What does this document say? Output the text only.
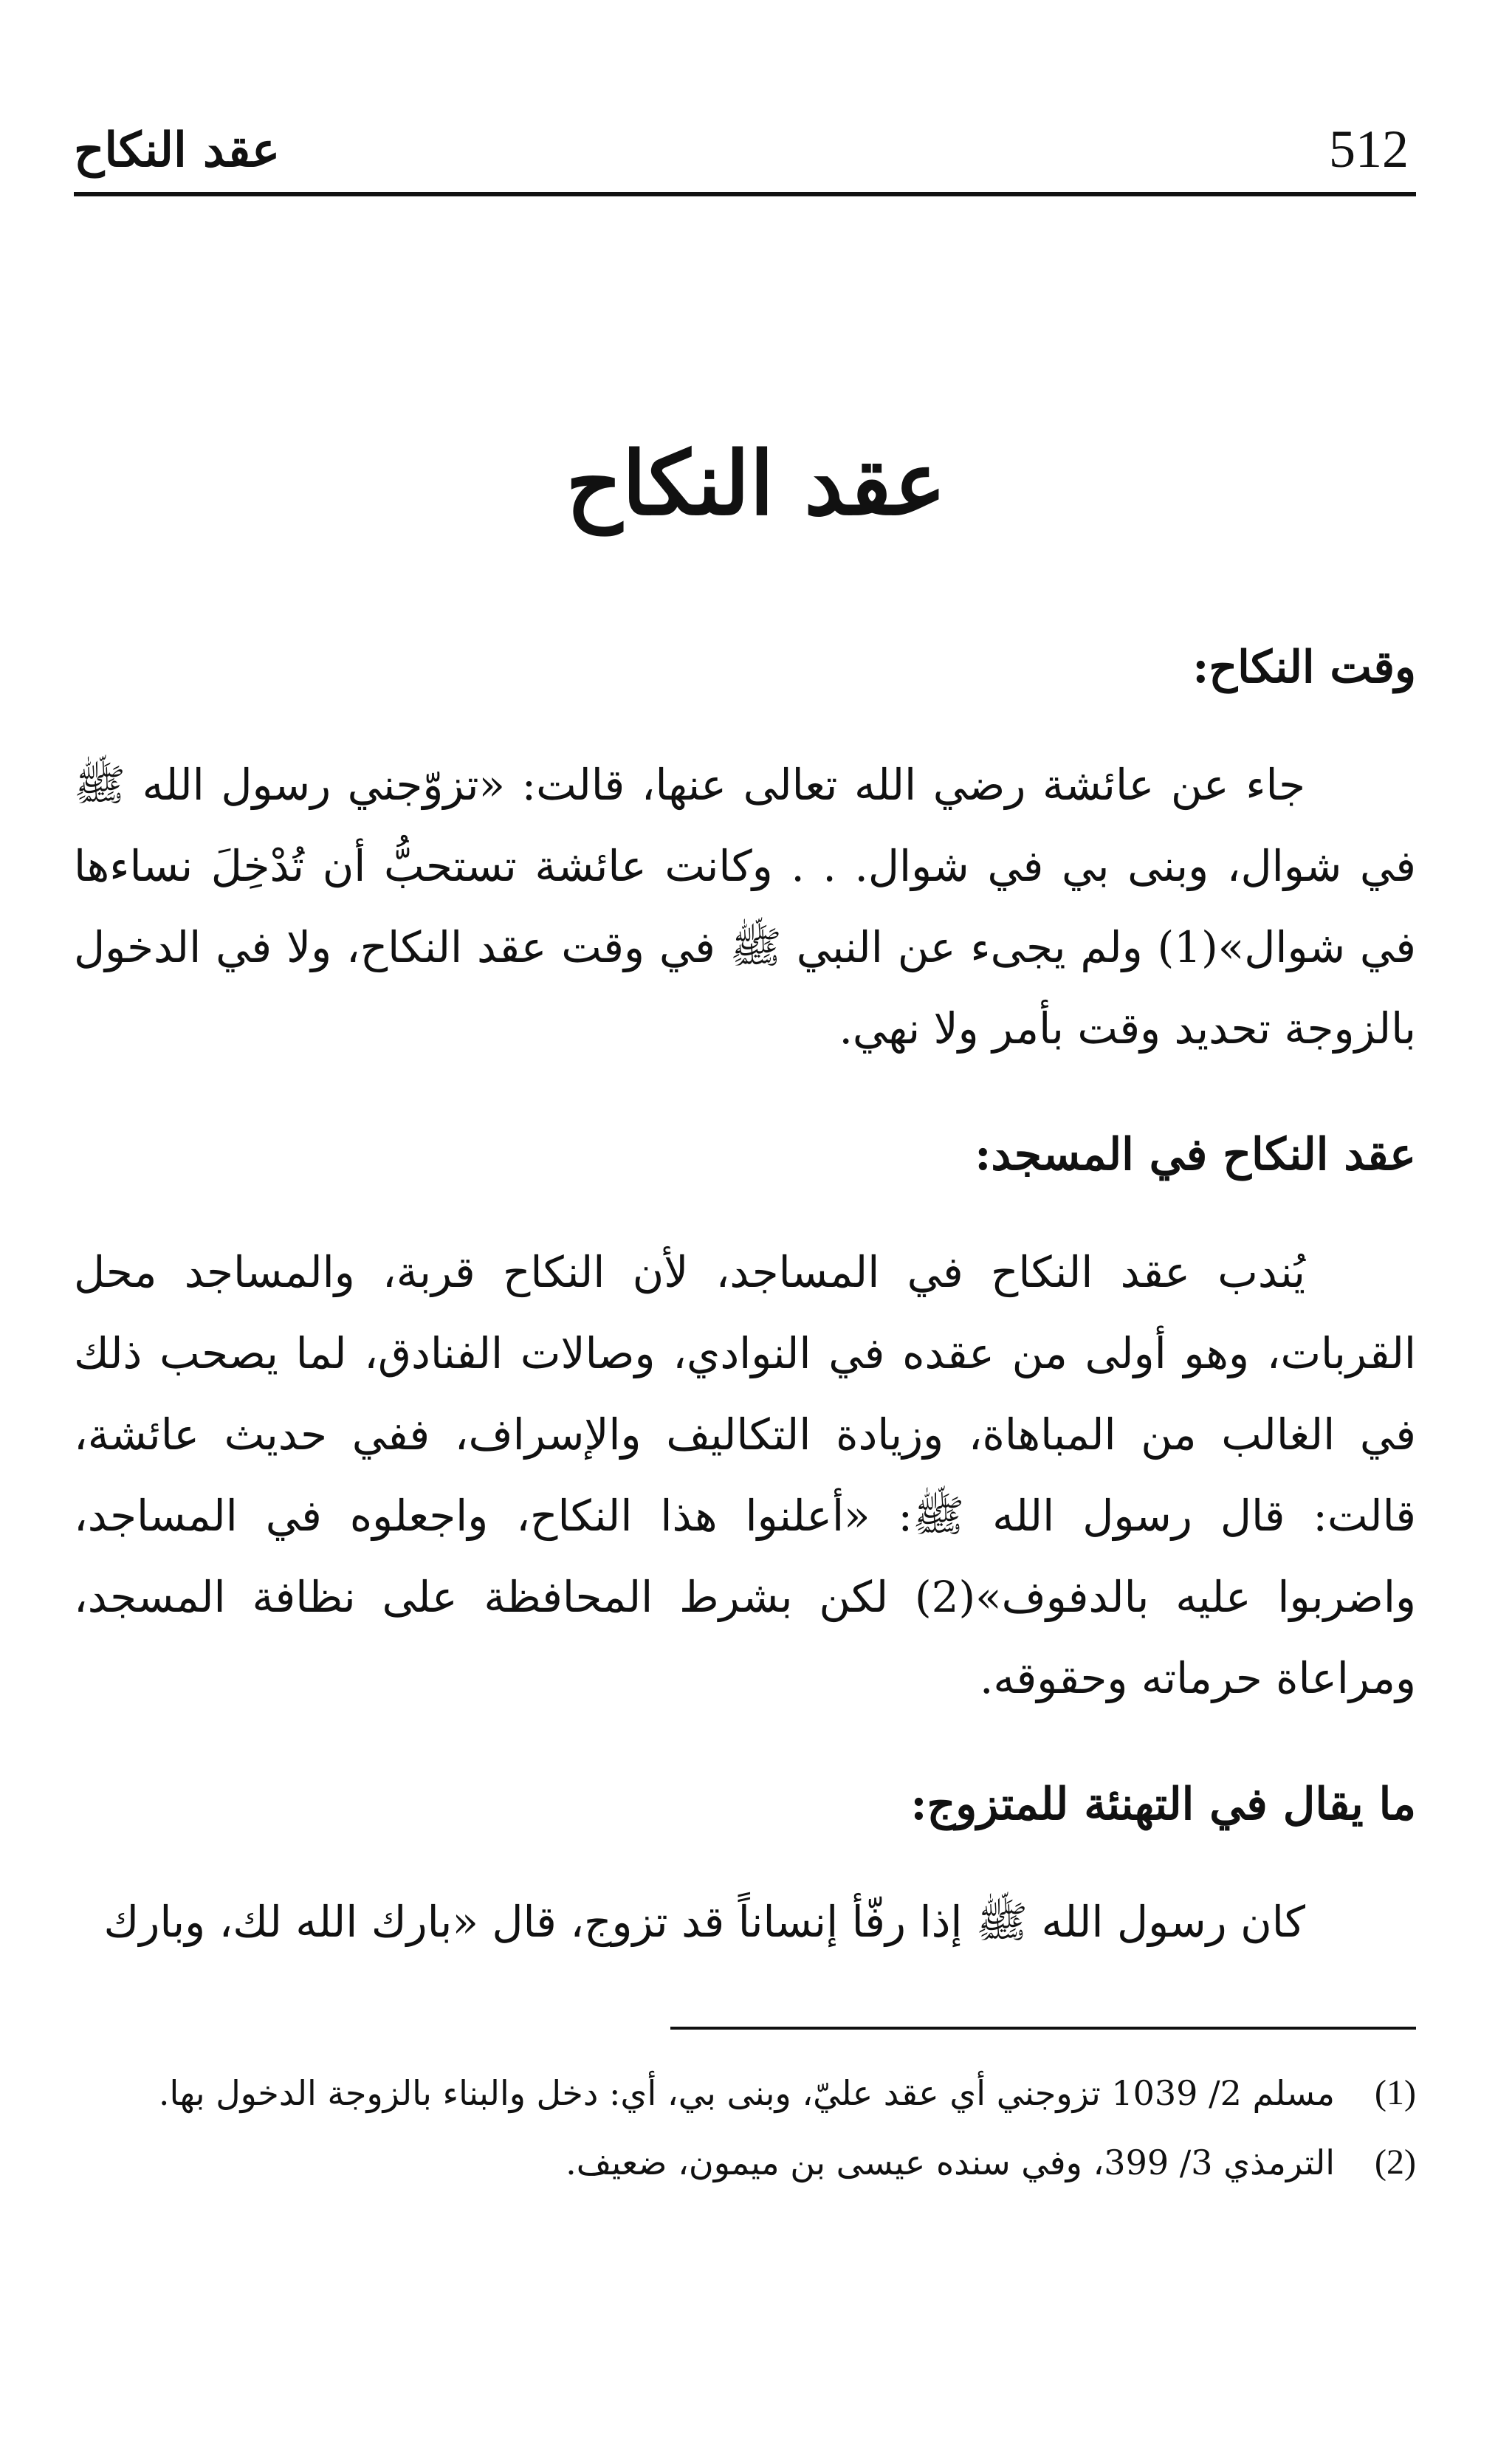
عقد النكاح	512
عقد النكاح
وقت النكاح:

جاء عن عائشة رضي الله تعالى عنها، قالت: «تزوّجني رسول الله ﷺ في شوال، وبنى بي في شوال. . . وكانت عائشة تستحبُّ أن تُدْخِلَ نساءها في شوال»(1) ولم يجىء عن النبي ﷺ في وقت عقد النكاح، ولا في الدخول بالزوجة تحديد وقت بأمر ولا نهي.

عقد النكاح في المسجد:

يُندب عقد النكاح في المساجد، لأن النكاح قربة، والمساجد محل القربات، وهو أولى من عقده في النوادي، وصالات الفنادق، لما يصحب ذلك في الغالب من المباهاة، وزيادة التكاليف والإسراف، ففي حديث عائشة، قالت: قال رسول الله ﷺ: «أعلنوا هذا النكاح، واجعلوه في المساجد، واضربوا عليه بالدفوف»(2) لكن بشرط المحافظة على نظافة المسجد، ومراعاة حرماته وحقوقه.

ما يقال في التهنئة للمتزوج:

كان رسول الله ﷺ إذا رفّأ إنساناً قد تزوج، قال «بارك الله لك، وبارك

(1)
مسلم 2/ 1039 تزوجني أي عقد عليّ، وبنى بي، أي: دخل والبناء بالزوجة الدخول بها.
(2)
الترمذي 3/ 399، وفي سنده عيسى بن ميمون، ضعيف.
